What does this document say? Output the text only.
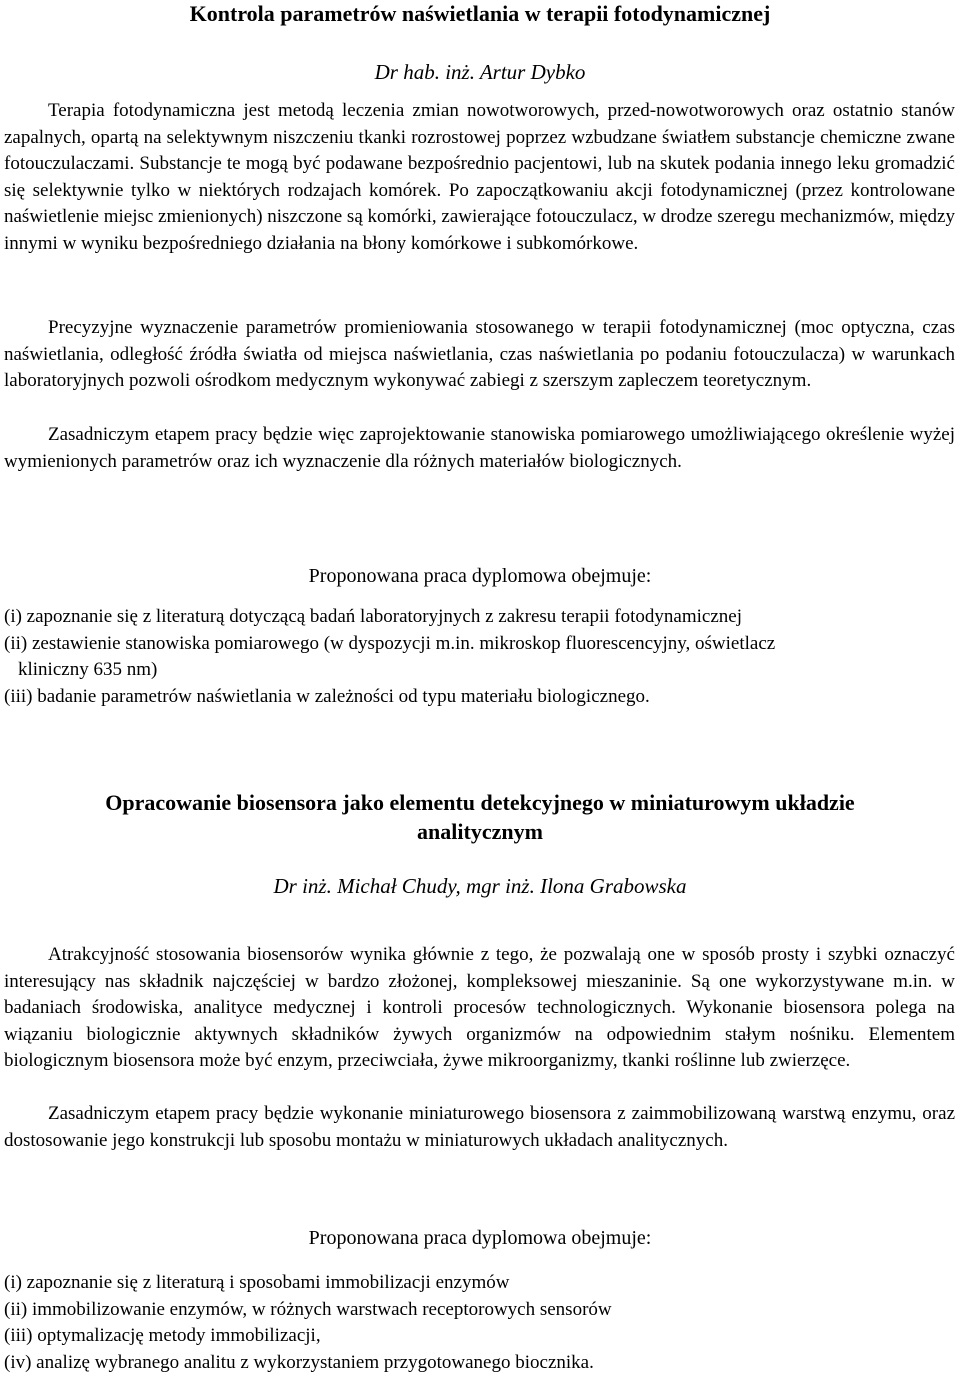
Kontrola parametrów naświetlania w terapii fotodynamicznej
Dr hab. inż. Artur Dybko

Terapia fotodynamiczna jest metodą leczenia zmian nowotworowych, przed-nowotworowych oraz ostatnio stanów zapalnych, opartą na selektywnym niszczeniu tkanki rozrostowej poprzez wzbudzane światłem substancje chemiczne zwane fotouczulaczami. Substancje te mogą być podawane bezpośrednio pacjentowi, lub na skutek podania innego leku gromadzić się selektywnie tylko w niektórych rodzajach komórek. Po zapoczątkowaniu akcji fotodynamicznej (przez kontrolowane naświetlenie miejsc zmienionych) niszczone są komórki, zawierające fotouczulacz, w drodze szeregu mechanizmów, między innymi w wyniku bezpośredniego działania na błony komórkowe i subkomórkowe.

Precyzyjne wyznaczenie parametrów promieniowania stosowanego w terapii fotodynamicznej (moc optyczna, czas naświetlania, odległość źródła światła od miejsca naświetlania, czas naświetlania po podaniu fotouczulacza) w warunkach laboratoryjnych pozwoli ośrodkom medycznym wykonywać zabiegi z szerszym zapleczem teoretycznym.

Zasadniczym etapem pracy będzie więc zaprojektowanie stanowiska pomiarowego umożliwiającego określenie wyżej wymienionych parametrów oraz ich wyznaczenie dla różnych materiałów biologicznych.

Proponowana praca dyplomowa obejmuje:
(i) zapoznanie się z literaturą dotyczącą badań laboratoryjnych z zakresu terapii fotodynamicznej
(ii) zestawienie stanowiska pomiarowego (w dyspozycji m.in. mikroskop fluorescencyjny, oświetlacz
kliniczny 635 nm)
(iii) badanie parametrów naświetlania w zależności od typu materiału biologicznego.
Opracowanie biosensora jako elementu detekcyjnego w miniaturowym układzie
analitycznym
Dr inż. Michał Chudy, mgr inż. Ilona Grabowska

Atrakcyjność stosowania biosensorów wynika głównie z tego, że pozwalają one w sposób prosty i szybki oznaczyć interesujący nas składnik najczęściej w bardzo złożonej, kompleksowej mieszaninie. Są one wykorzystywane m.in. w badaniach środowiska, analityce medycznej i kontroli procesów technologicznych. Wykonanie biosensora polega na wiązaniu biologicznie aktywnych składników żywych organizmów na odpowiednim stałym nośniku. Elementem biologicznym biosensora może być enzym, przeciwciała, żywe mikroorganizmy, tkanki roślinne lub zwierzęce.

Zasadniczym etapem pracy będzie wykonanie miniaturowego biosensora z zaimmobilizowaną warstwą enzymu, oraz dostosowanie jego konstrukcji lub sposobu montażu w miniaturowych układach analitycznych.

Proponowana praca dyplomowa obejmuje:
(i) zapoznanie się z literaturą i sposobami immobilizacji enzymów
(ii) immobilizowanie enzymów, w różnych warstwach receptorowych sensorów
(iii) optymalizację metody immobilizacji,
(iv) analizę wybranego analitu z wykorzystaniem przygotowanego biocznika.
